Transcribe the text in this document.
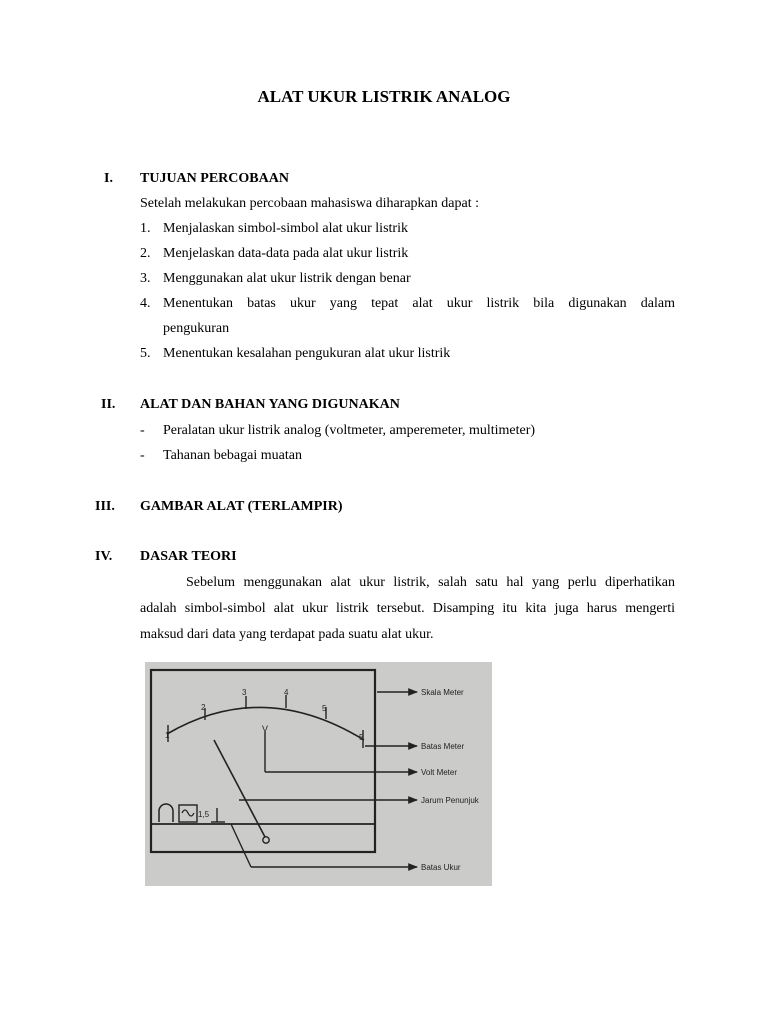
ALAT UKUR LISTRIK ANALOG
I. TUJUAN PERCOBAAN
Setelah melakukan percobaan mahasiswa diharapkan dapat :
1. Menjalaskan simbol-simbol alat ukur listrik
2. Menjelaskan data-data pada alat ukur listrik
3. Menggunakan alat ukur listrik dengan benar
4. Menentukan batas ukur yang tepat alat ukur listrik bila digunakan dalam
pengukuran
5. Menentukan kesalahan pengukuran alat ukur listrik
II. ALAT DAN BAHAN YANG DIGUNAKAN
- Peralatan ukur listrik analog (voltmeter, amperemeter, multimeter)
- Tahanan bebagai muatan
III. GAMBAR ALAT (TERLAMPIR)
IV. DASAR TEORI
Sebelum menggunakan alat ukur listrik, salah satu hal yang perlu diperhatikan
adalah simbol-simbol alat ukur listrik tersebut. Disamping itu kita juga harus mengerti
maksud dari data yang terdapat pada suatu alat ukur.
1
2
3	4
5
5
V
1,5
Skala Meter
Batas Meter
Volt Meter
Jarum Penunjuk
Batas Ukur
